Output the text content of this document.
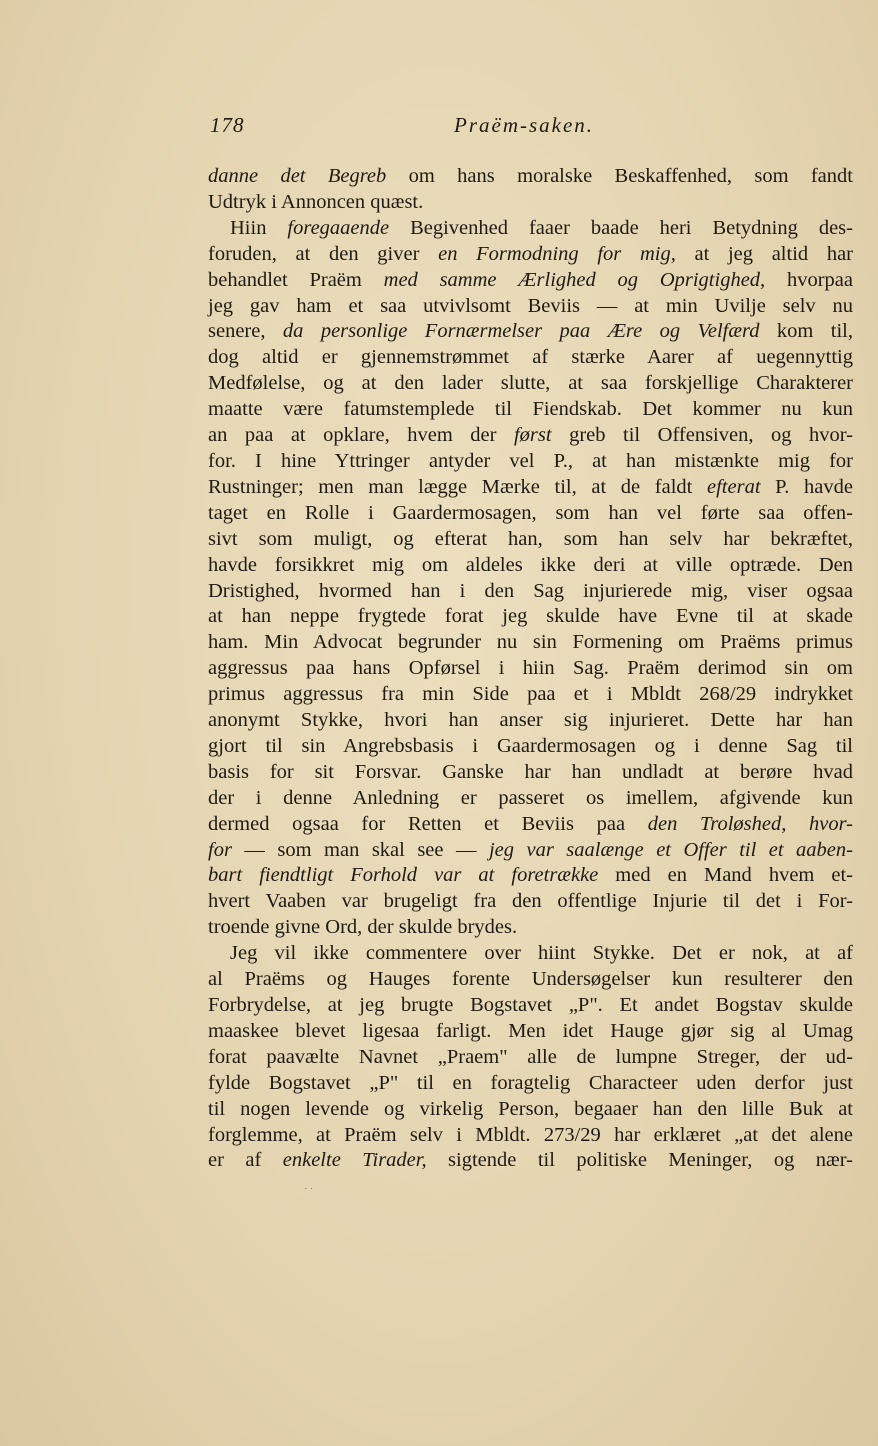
178	Praëm-saken.
danne det Begreb om hans moralske Beskaffenhed, som fandt
Udtryk i Annoncen quæst.
Hiin foregaaende Begivenhed faaer baade heri Betydning des-
foruden, at den giver en Formodning for mig, at jeg altid har
behandlet Praëm med samme Ærlighed og Oprigtighed, hvorpaa
jeg gav ham et saa utvivlsomt Beviis — at min Uvilje selv nu
senere, da personlige Fornærmelser paa Ære og Velfærd kom til,
dog altid er gjennemstrømmet af stærke Aarer af uegennyttig
Medfølelse, og at den lader slutte, at saa forskjellige Charakterer
maatte være fatumstemplede til Fiendskab. Det kommer nu kun
an paa at opklare, hvem der først greb til Offensiven, og hvor-
for. I hine Yttringer antyder vel P., at han mistænkte mig for
Rustninger; men man lægge Mærke til, at de faldt efterat P. havde
taget en Rolle i Gaardermosagen, som han vel førte saa offen-
sivt som muligt, og efterat han, som han selv har bekræftet,
havde forsikkret mig om aldeles ikke deri at ville optræde. Den
Dristighed, hvormed han i den Sag injurierede mig, viser ogsaa
at han neppe frygtede forat jeg skulde have Evne til at skade
ham. Min Advocat begrunder nu sin Formening om Praëms primus
aggressus paa hans Opførsel i hiin Sag. Praëm derimod sin om
primus aggressus fra min Side paa et i Mbldt 268/29 indrykket
anonymt Stykke, hvori han anser sig injurieret. Dette har han
gjort til sin Angrebsbasis i Gaardermosagen og i denne Sag til
basis for sit Forsvar. Ganske har han undladt at berøre hvad
der i denne Anledning er passeret os imellem, afgivende kun
dermed ogsaa for Retten et Beviis paa den Troløshed, hvor-
for — som man skal see — jeg var saalænge et Offer til et aaben-
bart fiendtligt Forhold var at foretrække med en Mand hvem et-
hvert Vaaben var brugeligt fra den offentlige Injurie til det i For-
troende givne Ord, der skulde brydes.
Jeg vil ikke commentere over hiint Stykke. Det er nok, at af
al Praëms og Hauges forente Undersøgelser kun resulterer den
Forbrydelse, at jeg brugte Bogstavet „P". Et andet Bogstav skulde
maaskee blevet ligesaa farligt. Men idet Hauge gjør sig al Umag
forat paavælte Navnet „Praem" alle de lumpne Streger, der ud-
fylde Bogstavet „P" til en foragtelig Characteer uden derfor just
til nogen levende og virkelig Person, begaaer han den lille Buk at
forglemme, at Praëm selv i Mbldt. 273/29 har erklæret „at det alene
er af enkelte Tirader, sigtende til politiske Meninger, og nær-
· ·
